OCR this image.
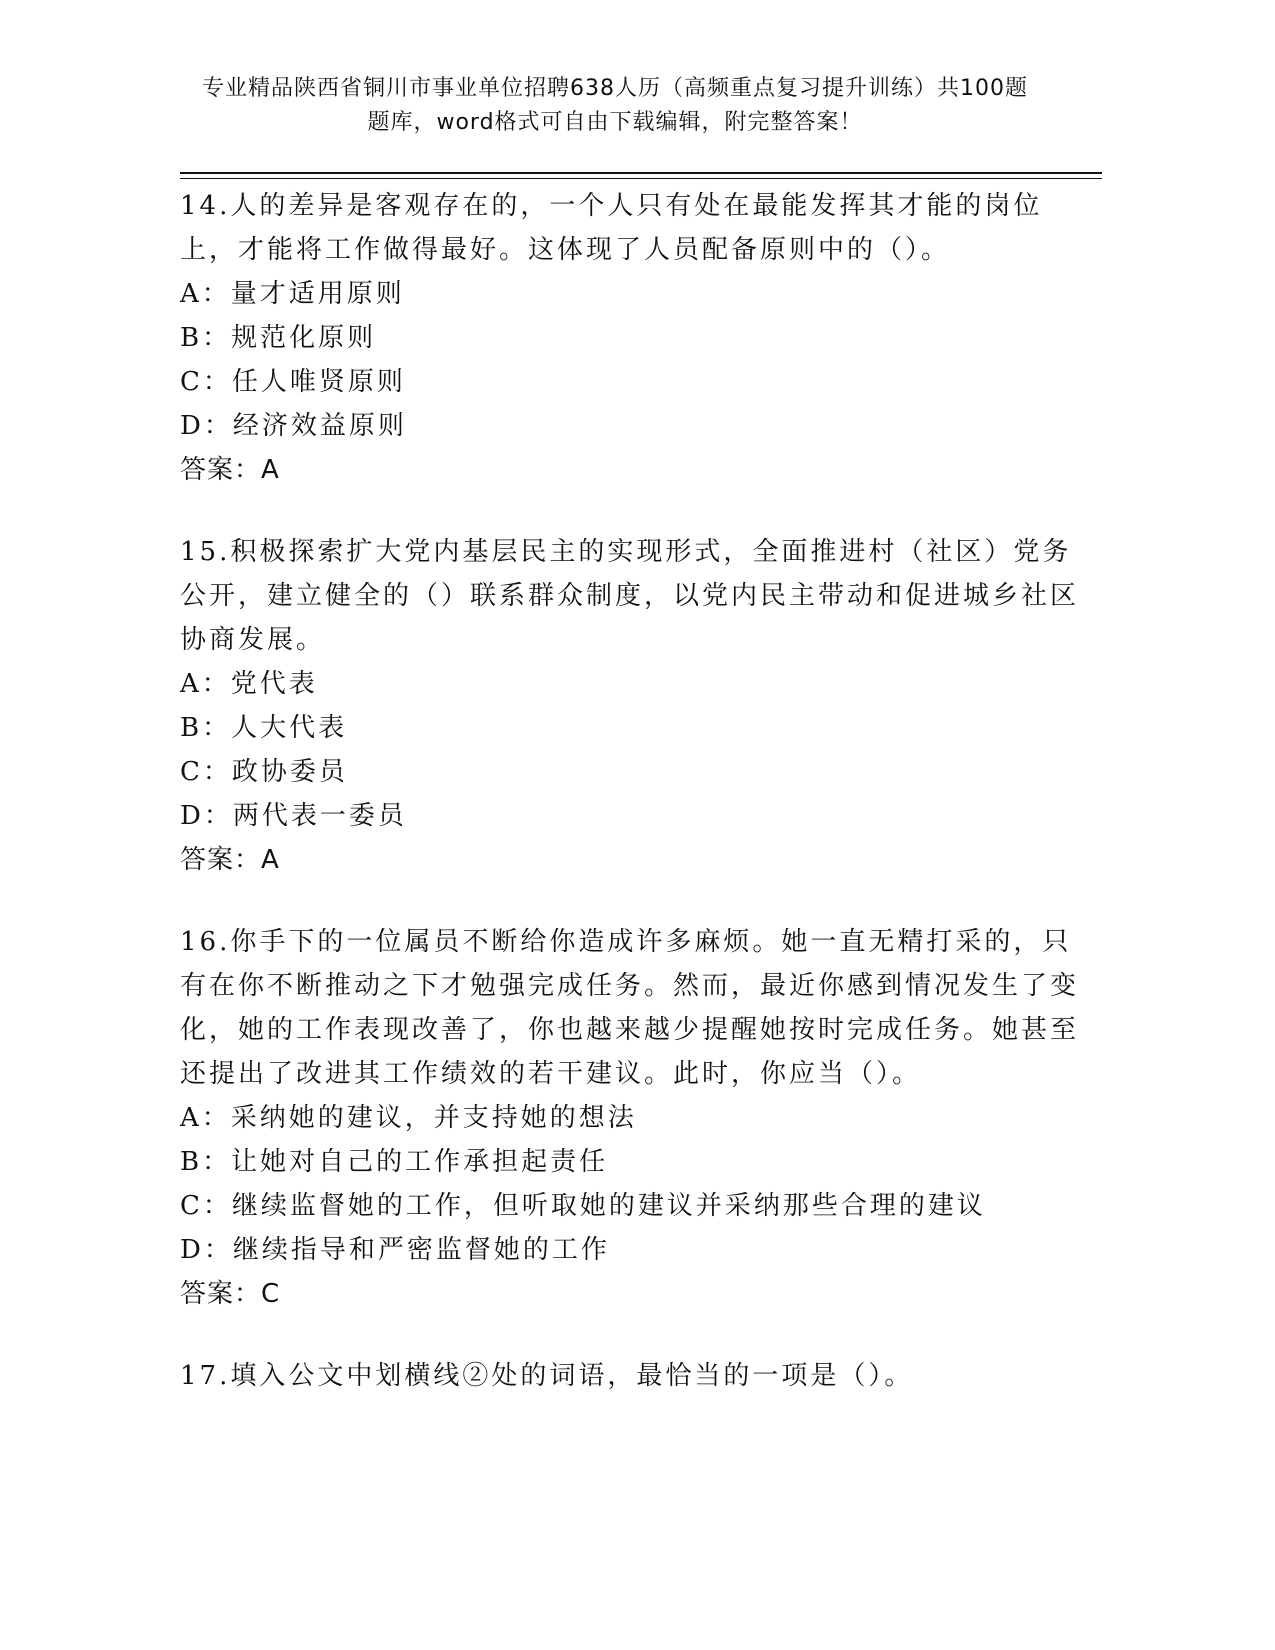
专业精品陕西省铜川市事业单位招聘638人历（高频重点复习提升训练）共100题
题库，word格式可自由下载编辑，附完整答案！

14.人的差异是客观存在的，一个人只有处在最能发挥其才能的岗位上，才能将工作做得最好。这体现了人员配备原则中的（）。

A：量才适用原则

B：规范化原则

C：任人唯贤原则

D：经济效益原则

答案：A

15.积极探索扩大党内基层民主的实现形式，全面推进村（社区）党务公开，建立健全的（）联系群众制度，以党内民主带动和促进城乡社区协商发展。

A：党代表

B：人大代表

C：政协委员

D：两代表一委员

答案：A

16.你手下的一位属员不断给你造成许多麻烦。她一直无精打采的，只有在你不断推动之下才勉强完成任务。然而，最近你感到情况发生了变化，她的工作表现改善了，你也越来越少提醒她按时完成任务。她甚至还提出了改进其工作绩效的若干建议。此时，你应当（）。

A：采纳她的建议，并支持她的想法

B：让她对自己的工作承担起责任

C：继续监督她的工作，但听取她的建议并采纳那些合理的建议

D：继续指导和严密监督她的工作

答案：C

17.填入公文中划横线②处的词语，最恰当的一项是（）。
